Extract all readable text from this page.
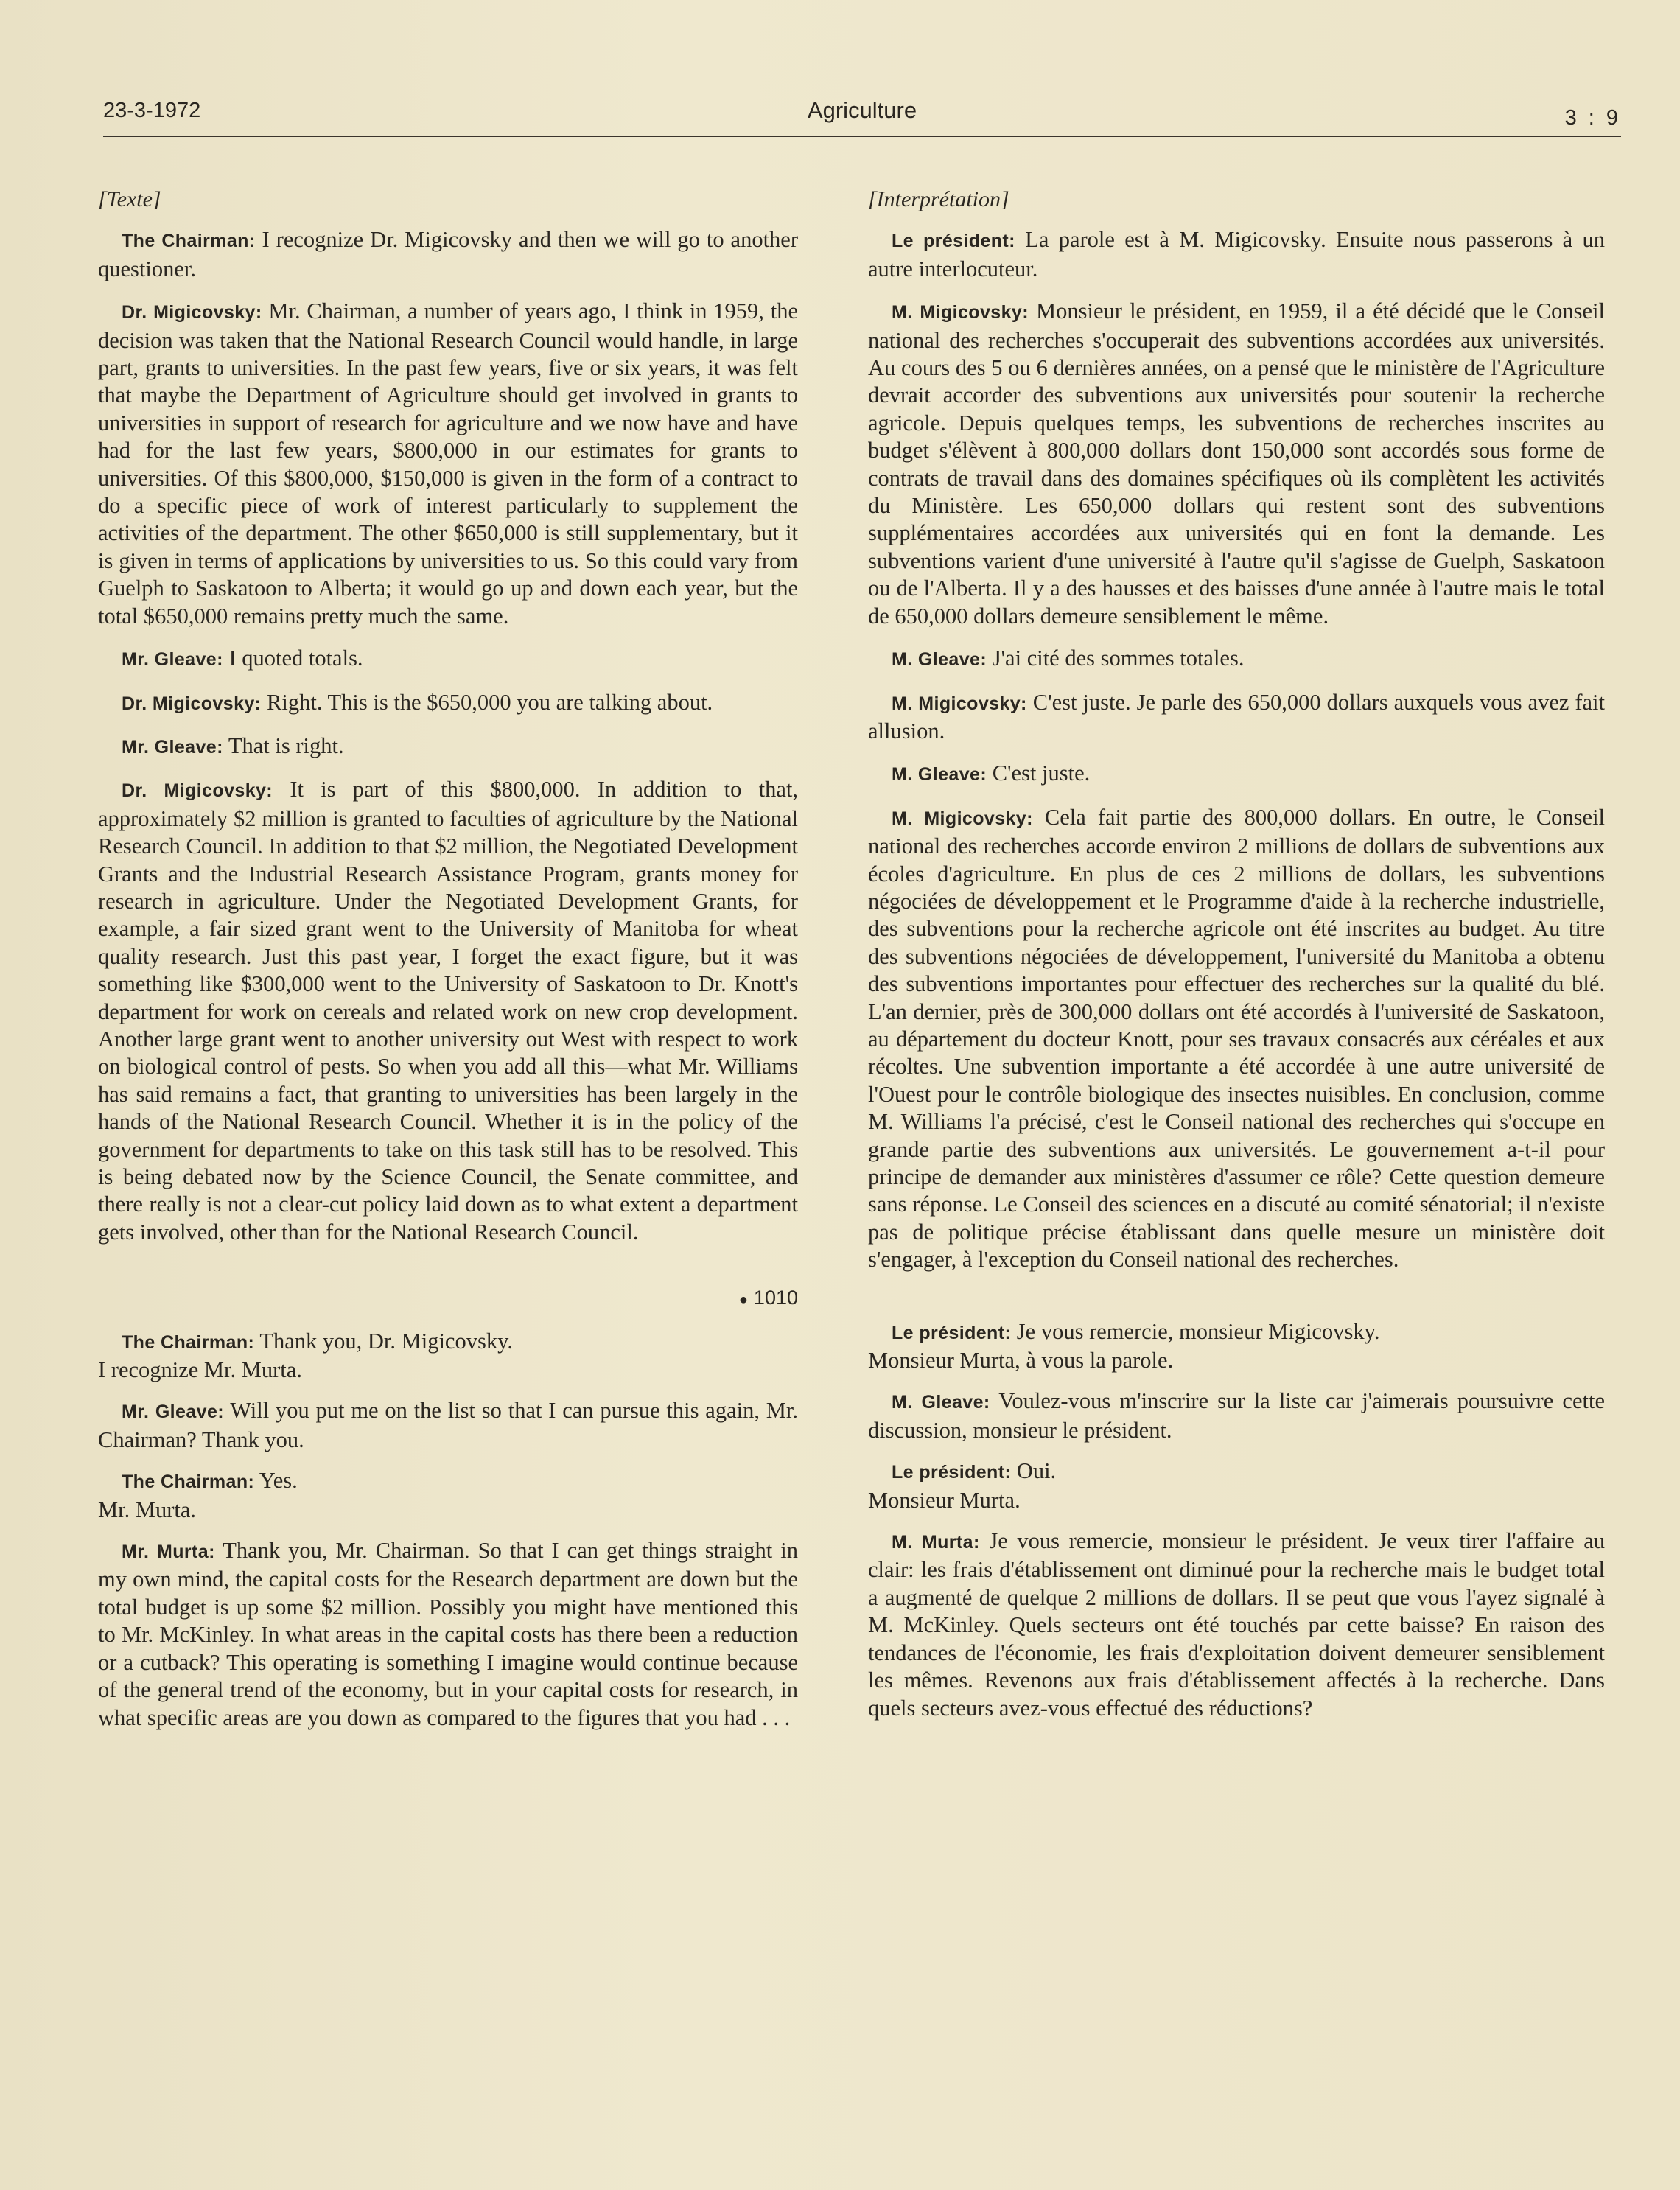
23-3-1972	Agriculture	3 : 9
[Texte]

The Chairman: I recognize Dr. Migicovsky and then we will go to another questioner.

Dr. Migicovsky: Mr. Chairman, a number of years ago, I think in 1959, the decision was taken that the National Research Council would handle, in large part, grants to universities. In the past few years, five or six years, it was felt that maybe the Department of Agriculture should get involved in grants to universities in support of research for agriculture and we now have and have had for the last few years, $800,000 in our estimates for grants to universities. Of this $800,000, $150,000 is given in the form of a contract to do a specific piece of work of interest particularly to supplement the activities of the department. The other $650,000 is still supplementary, but it is given in terms of applications by universities to us. So this could vary from Guelph to Saskatoon to Alberta; it would go up and down each year, but the total $650,000 remains pretty much the same.

Mr. Gleave: I quoted totals.

Dr. Migicovsky: Right. This is the $650,000 you are talking about.

Mr. Gleave: That is right.

Dr. Migicovsky: It is part of this $800,000. In addition to that, approximately $2 million is granted to faculties of agriculture by the National Research Council. In addition to that $2 million, the Negotiated Development Grants and the Industrial Research Assistance Program, grants money for research in agriculture. Under the Negotiated Development Grants, for example, a fair sized grant went to the University of Manitoba for wheat quality research. Just this past year, I forget the exact figure, but it was something like $300,000 went to the University of Saskatoon to Dr. Knott's department for work on cereals and related work on new crop development. Another large grant went to another university out West with respect to work on biological control of pests. So when you add all this—what Mr. Williams has said remains a fact, that granting to universities has been largely in the hands of the National Research Council. Whether it is in the policy of the government for departments to take on this task still has to be resolved. This is being debated now by the Science Council, the Senate committee, and there really is not a clear-cut policy laid down as to what extent a department gets involved, other than for the National Research Council.

● 1010

The Chairman: Thank you, Dr. Migicovsky.
I recognize Mr. Murta.

Mr. Gleave: Will you put me on the list so that I can pursue this again, Mr. Chairman? Thank you.

The Chairman: Yes.
Mr. Murta.

Mr. Murta: Thank you, Mr. Chairman. So that I can get things straight in my own mind, the capital costs for the Research department are down but the total budget is up some $2 million. Possibly you might have mentioned this to Mr. McKinley. In what areas in the capital costs has there been a reduction or a cutback? This operating is something I imagine would continue because of the general trend of the economy, but in your capital costs for research, in what specific areas are you down as compared to the figures that you had . . .

[Interprétation]

Le président: La parole est à M. Migicovsky. Ensuite nous passerons à un autre interlocuteur.

M. Migicovsky: Monsieur le président, en 1959, il a été décidé que le Conseil national des recherches s'occuperait des subventions accordées aux universités. Au cours des 5 ou 6 dernières années, on a pensé que le ministère de l'Agriculture devrait accorder des subventions aux universités pour soutenir la recherche agricole. Depuis quelques temps, les subventions de recherches inscrites au budget s'élèvent à 800,000 dollars dont 150,000 sont accordés sous forme de contrats de travail dans des domaines spécifiques où ils complètent les activités du Ministère. Les 650,000 dollars qui restent sont des subventions supplémentaires accordées aux universités qui en font la demande. Les subventions varient d'une université à l'autre qu'il s'agisse de Guelph, Saskatoon ou de l'Alberta. Il y a des hausses et des baisses d'une année à l'autre mais le total de 650,000 dollars demeure sensiblement le même.

M. Gleave: J'ai cité des sommes totales.

M. Migicovsky: C'est juste. Je parle des 650,000 dollars auxquels vous avez fait allusion.

M. Gleave: C'est juste.

M. Migicovsky: Cela fait partie des 800,000 dollars. En outre, le Conseil national des recherches accorde environ 2 millions de dollars de subventions aux écoles d'agriculture. En plus de ces 2 millions de dollars, les subventions négociées de développement et le Programme d'aide à la recherche industrielle, des subventions pour la recherche agricole ont été inscrites au budget. Au titre des subventions négociées de développement, l'université du Manitoba a obtenu des subventions importantes pour effectuer des recherches sur la qualité du blé. L'an dernier, près de 300,000 dollars ont été accordés à l'université de Saskatoon, au département du docteur Knott, pour ses travaux consacrés aux céréales et aux récoltes. Une subvention importante a été accordée à une autre université de l'Ouest pour le contrôle biologique des insectes nuisibles. En conclusion, comme M. Williams l'a précisé, c'est le Conseil national des recherches qui s'occupe en grande partie des subventions aux universités. Le gouvernement a-t-il pour principe de demander aux ministères d'assumer ce rôle? Cette question demeure sans réponse. Le Conseil des sciences en a discuté au comité sénatorial; il n'existe pas de politique précise établissant dans quelle mesure un ministère doit s'engager, à l'exception du Conseil national des recherches.

Le président: Je vous remercie, monsieur Migicovsky.
Monsieur Murta, à vous la parole.

M. Gleave: Voulez-vous m'inscrire sur la liste car j'aimerais poursuivre cette discussion, monsieur le président.

Le président: Oui.
Monsieur Murta.

M. Murta: Je vous remercie, monsieur le président. Je veux tirer l'affaire au clair: les frais d'établissement ont diminué pour la recherche mais le budget total a augmenté de quelque 2 millions de dollars. Il se peut que vous l'ayez signalé à M. McKinley. Quels secteurs ont été touchés par cette baisse? En raison des tendances de l'économie, les frais d'exploitation doivent demeurer sensiblement les mêmes. Revenons aux frais d'établissement affectés à la recherche. Dans quels secteurs avez-vous effectué des réductions?
